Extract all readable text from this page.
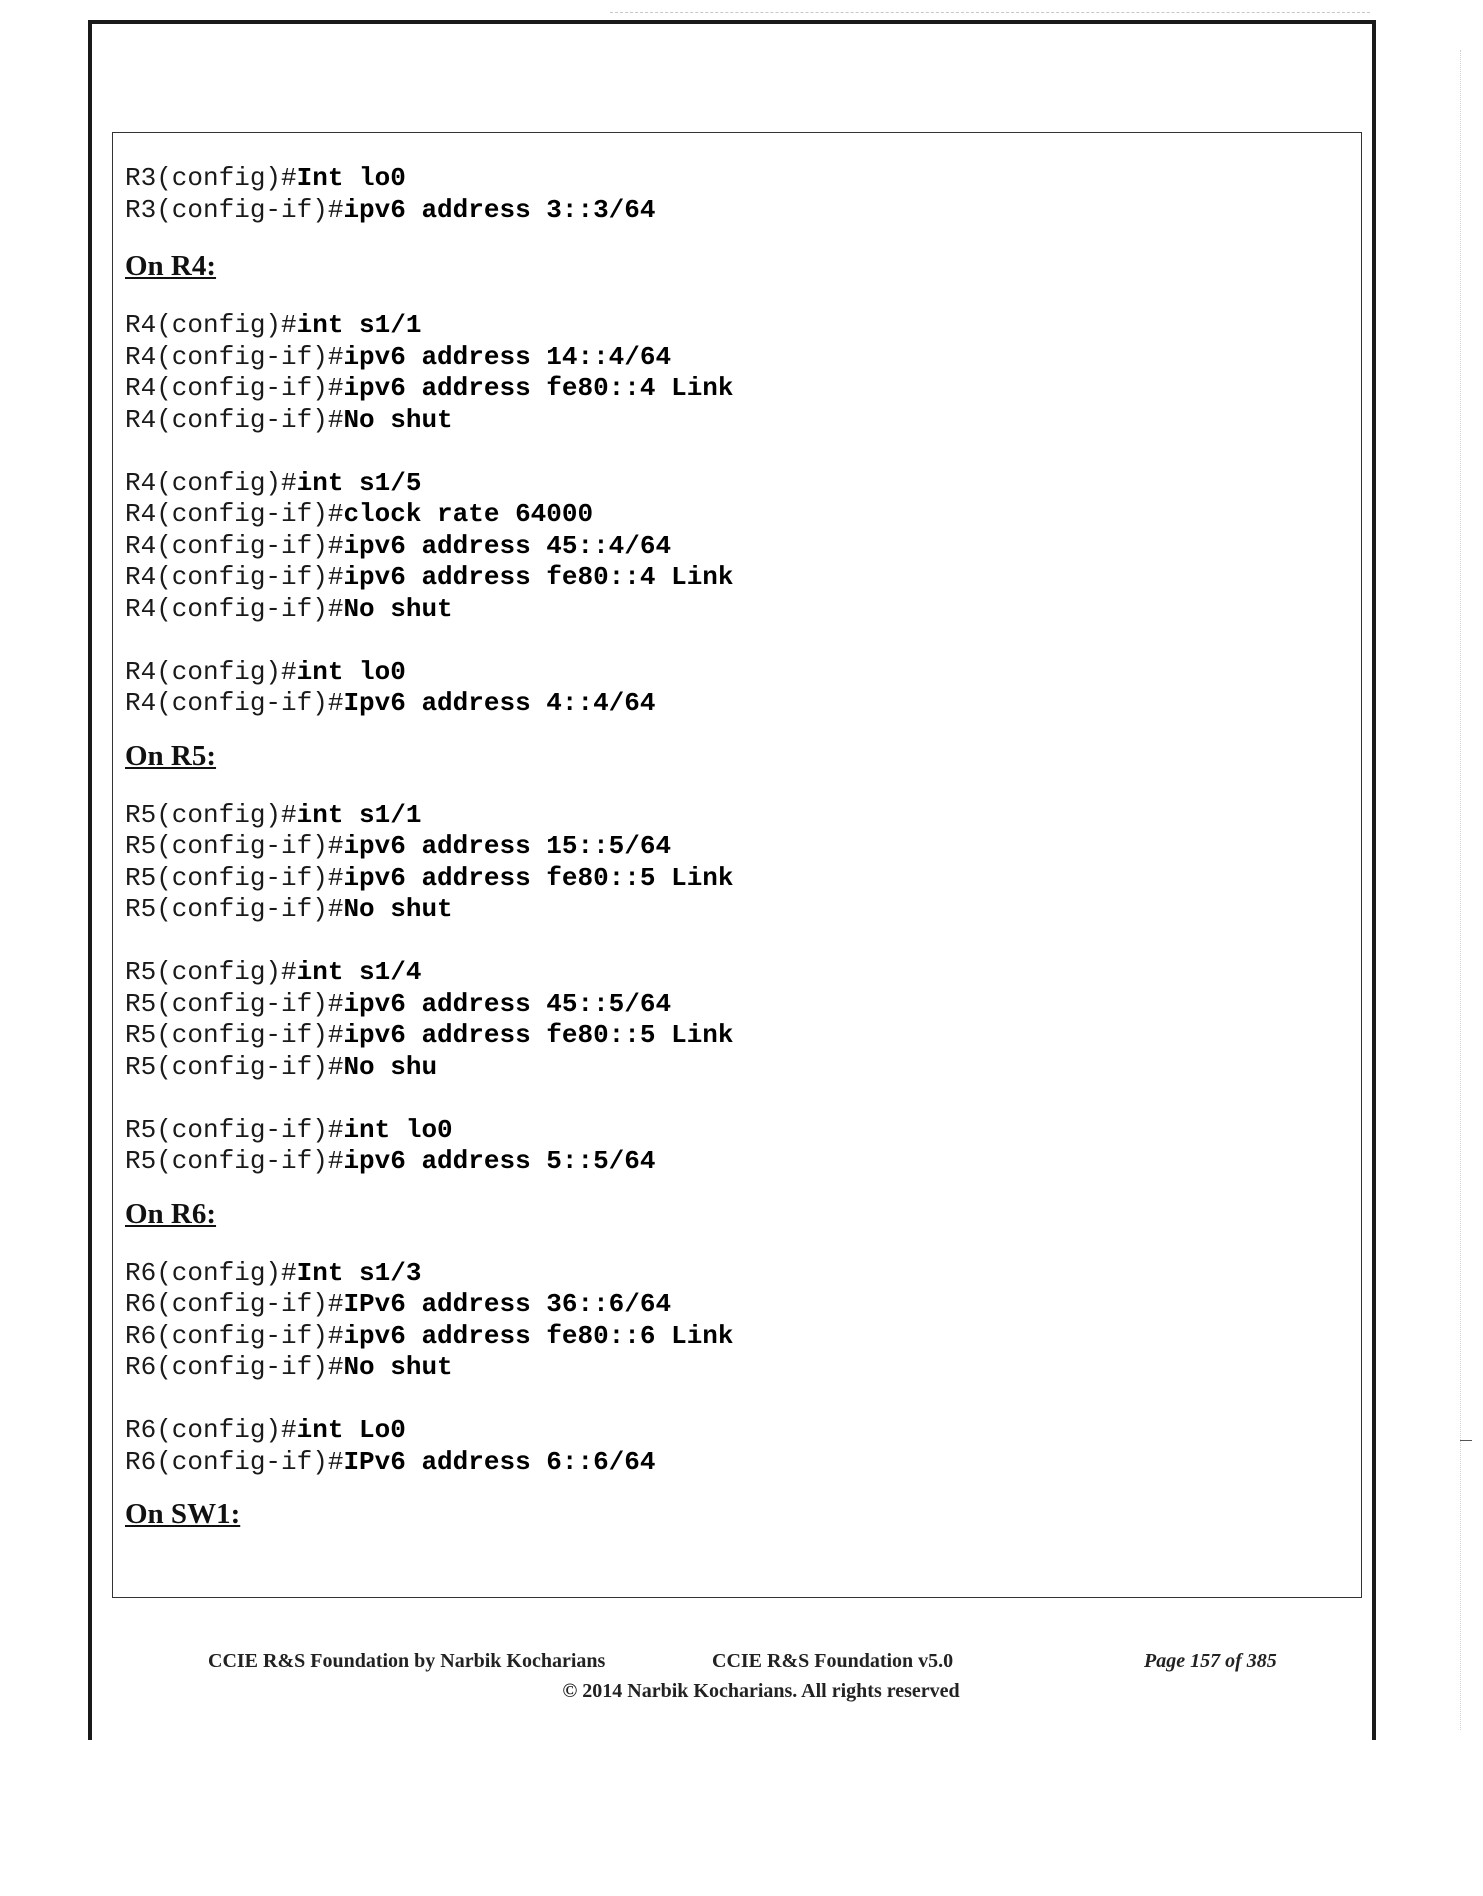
R3(config)#Int lo0
R3(config-if)#ipv6 address 3::3/64
On R4:
R4(config)#int s1/1
R4(config-if)#ipv6 address 14::4/64
R4(config-if)#ipv6 address fe80::4 Link
R4(config-if)#No shut
R4(config)#int s1/5
R4(config-if)#clock rate 64000
R4(config-if)#ipv6 address 45::4/64
R4(config-if)#ipv6 address fe80::4 Link
R4(config-if)#No shut
R4(config)#int lo0
R4(config-if)#Ipv6 address 4::4/64
On R5:
R5(config)#int s1/1
R5(config-if)#ipv6 address 15::5/64
R5(config-if)#ipv6 address fe80::5 Link
R5(config-if)#No shut
R5(config)#int s1/4
R5(config-if)#ipv6 address 45::5/64
R5(config-if)#ipv6 address fe80::5 Link
R5(config-if)#No shu
R5(config-if)#int lo0
R5(config-if)#ipv6 address 5::5/64
On R6:
R6(config)#Int s1/3
R6(config-if)#IPv6 address 36::6/64
R6(config-if)#ipv6 address fe80::6 Link
R6(config-if)#No shut
R6(config)#int Lo0
R6(config-if)#IPv6 address 6::6/64
On SW1:
CCIE R&S Foundation by Narbik Kocharians	CCIE R&S Foundation v5.0	Page 157 of 385
© 2014 Narbik Kocharians. All rights reserved
